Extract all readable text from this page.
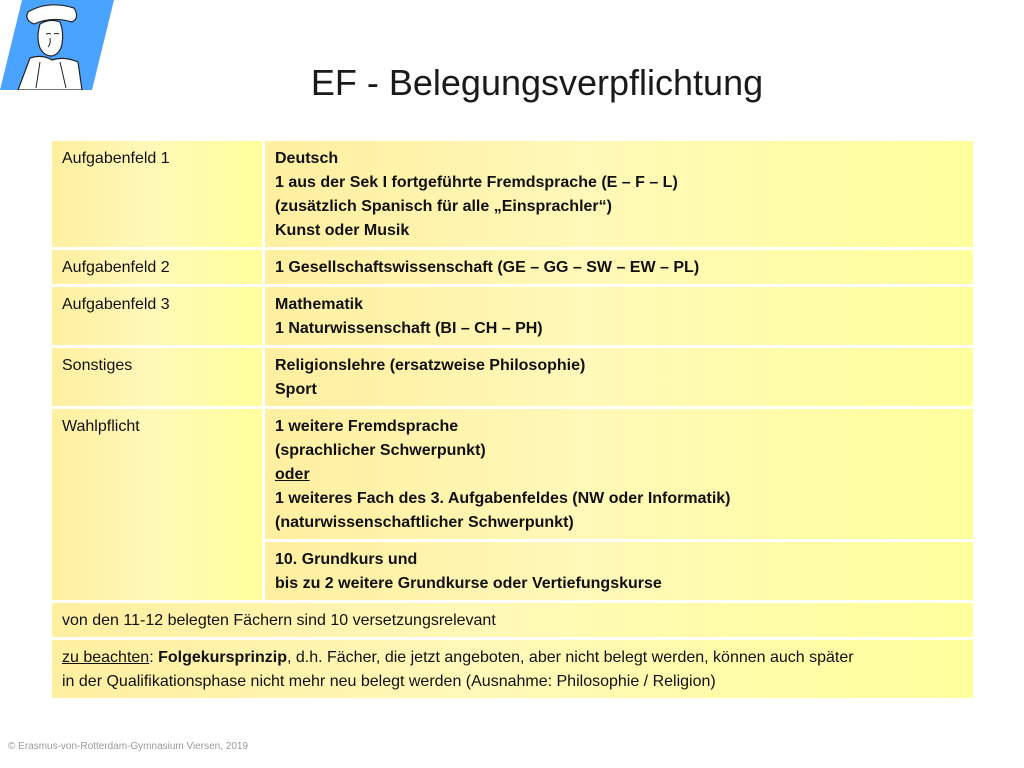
EF - Belegungsverpflichtung
Aufgabenfeld 1	Deutsch
1 aus der Sek I fortgeführte Fremdsprache (E – F – L)
(zusätzlich Spanisch für alle „Einsprachler“)
Kunst oder Musik

Aufgabenfeld 2	1 Gesellschaftswissenschaft (GE – GG – SW – EW – PL)

Aufgabenfeld 3	Mathematik
1 Naturwissenschaft (BI – CH – PH)

Sonstiges	Religionslehre (ersatzweise Philosophie)
Sport

Wahlpflicht	1 weitere Fremdsprache
(sprachlicher Schwerpunkt)
oder
1 weiteres Fach des 3. Aufgabenfeldes (NW oder Informatik)
(naturwissenschaftlicher Schwerpunkt)

	10. Grundkurs und
bis zu 2 weitere Grundkurse oder Vertiefungskurse

von den 11-12 belegten Fächern sind 10 versetzungsrelevant	
zu beachten: Folgekursprinzip, d.h. Fächer, die jetzt angeboten, aber nicht belegt werden, können auch später
in der Qualifikationsphase nicht mehr neu belegt werden (Ausnahme: Philosophie / Religion)	
© Erasmus-von-Rotterdam-Gymnasium Viersen, 2019
